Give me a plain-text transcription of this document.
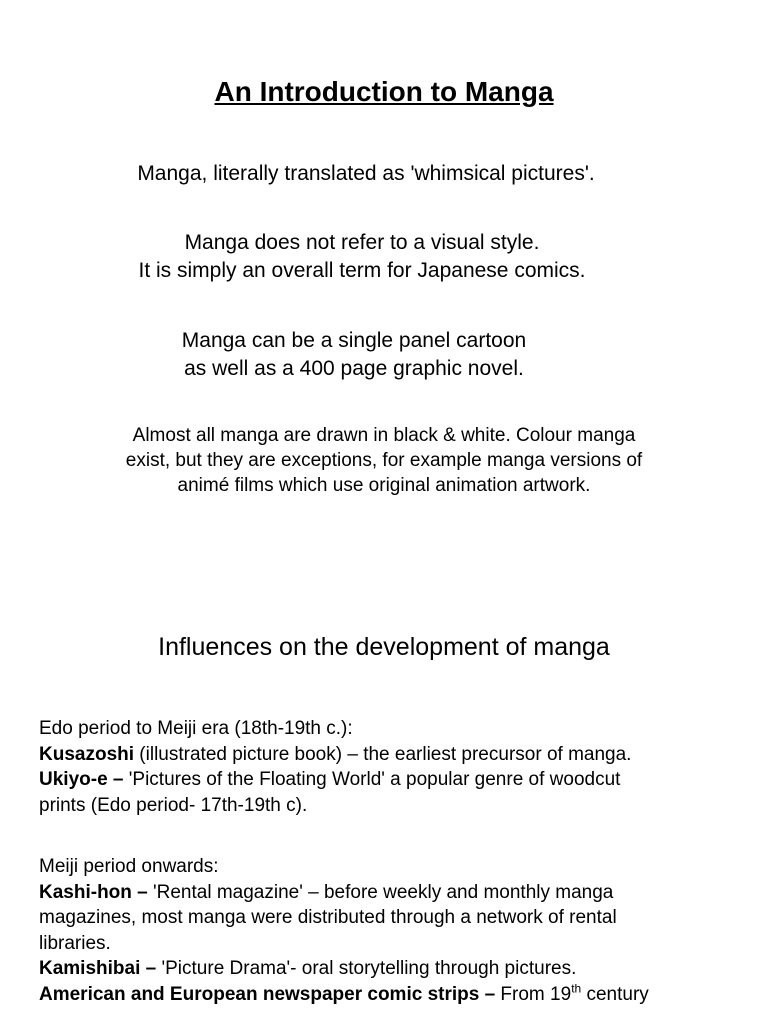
An Introduction to Manga
Manga, literally translated as 'whimsical pictures'.
Manga does not refer to a visual style.
It is simply an overall term for Japanese comics.
Manga can be a single panel cartoon
as well as a 400 page graphic novel.
Almost all manga are drawn in black & white. Colour manga
exist, but they are exceptions, for example manga versions of
animé films which use original animation artwork.
Influences on the development of manga
Edo period to Meiji era (18th-19th c.):
Kusazoshi (illustrated picture book) – the earliest precursor of manga.
Ukiyo-e – 'Pictures of the Floating World' a popular genre of woodcut
prints (Edo period- 17th-19th c).
Meiji period onwards:
Kashi-hon – 'Rental magazine' – before weekly and monthly manga
magazines, most manga were distributed through a network of rental
libraries.
Kamishibai – 'Picture Drama'- oral storytelling through pictures.
American and European newspaper comic strips – From 19th century
